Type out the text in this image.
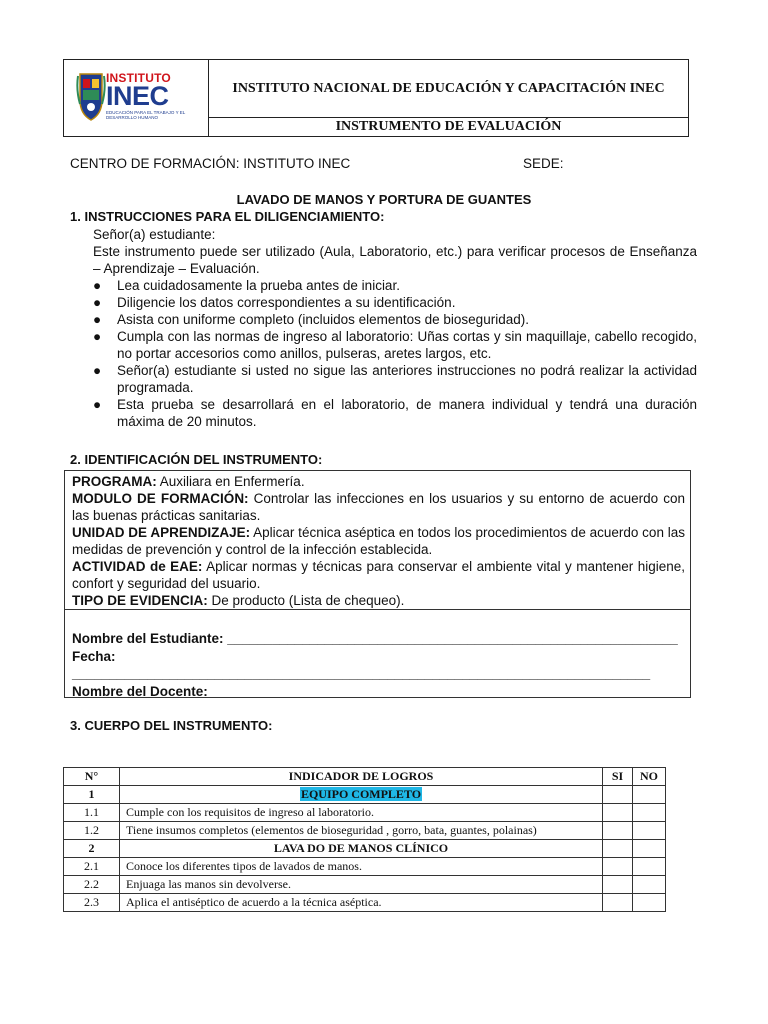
INSTITUTO
INEC
EDUCACIÓN PARA EL TRABAJO Y EL DESARROLLO HUMANO
INSTITUTO NACIONAL DE EDUCACIÓN Y CAPACITACIÓN INEC
INSTRUMENTO DE EVALUACIÓN
CENTRO DE FORMACIÓN: INSTITUTO INEC	SEDE:
LAVADO DE MANOS Y PORTURA DE GUANTES
1. INSTRUCCIONES PARA EL DILIGENCIAMIENTO:
Señor(a) estudiante:
Este instrumento puede ser utilizado (Aula, Laboratorio, etc.) para verificar procesos de Enseñanza – Aprendizaje – Evaluación.
● Lea cuidadosamente la prueba antes de iniciar.
● Diligencie los datos correspondientes a su identificación.
● Asista con uniforme completo (incluidos elementos de bioseguridad).
● Cumpla con las normas de ingreso al laboratorio: Uñas cortas y sin maquillaje, cabello recogido, no portar accesorios como anillos, pulseras, aretes largos, etc.
● Señor(a) estudiante si usted no sigue las anteriores instrucciones no podrá realizar la actividad programada.
● Esta prueba se desarrollará en el laboratorio, de manera individual y tendrá una duración máxima de 20 minutos.
2. IDENTIFICACIÓN DEL INSTRUMENTO:

PROGRAMA: Auxiliara en Enfermería.

MODULO DE FORMACIÓN: Controlar las infecciones en los usuarios y su entorno de acuerdo con las buenas prácticas sanitarias.

UNIDAD DE APRENDIZAJE: Aplicar técnica aséptica en todos los procedimientos de acuerdo con las medidas de prevención y control de la infección establecida.

ACTIVIDAD de EAE: Aplicar normas y técnicas para conservar el ambiente vital y mantener higiene, confort y seguridad del usuario.

TIPO DE EVIDENCIA: De producto (Lista de chequeo).

Nombre del Estudiante: ____________________________________________________________
Fecha: _____________________________________________________________________________
Nombre del Docente:
3. CUERPO DEL INSTRUMENTO:
N°	INDICADOR DE LOGROS	SI	NO
1	EQUIPO COMPLETO		
1.1	Cumple con los requisitos de ingreso al laboratorio.		
1.2	Tiene insumos completos (elementos de bioseguridad , gorro, bata, guantes, polainas)		
2	LAVA DO DE MANOS CLÍNICO		
2.1	Conoce los diferentes tipos de lavados de manos.		
2.2	Enjuaga las manos sin devolverse.		
2.3	Aplica el antiséptico de acuerdo a la técnica aséptica.		
